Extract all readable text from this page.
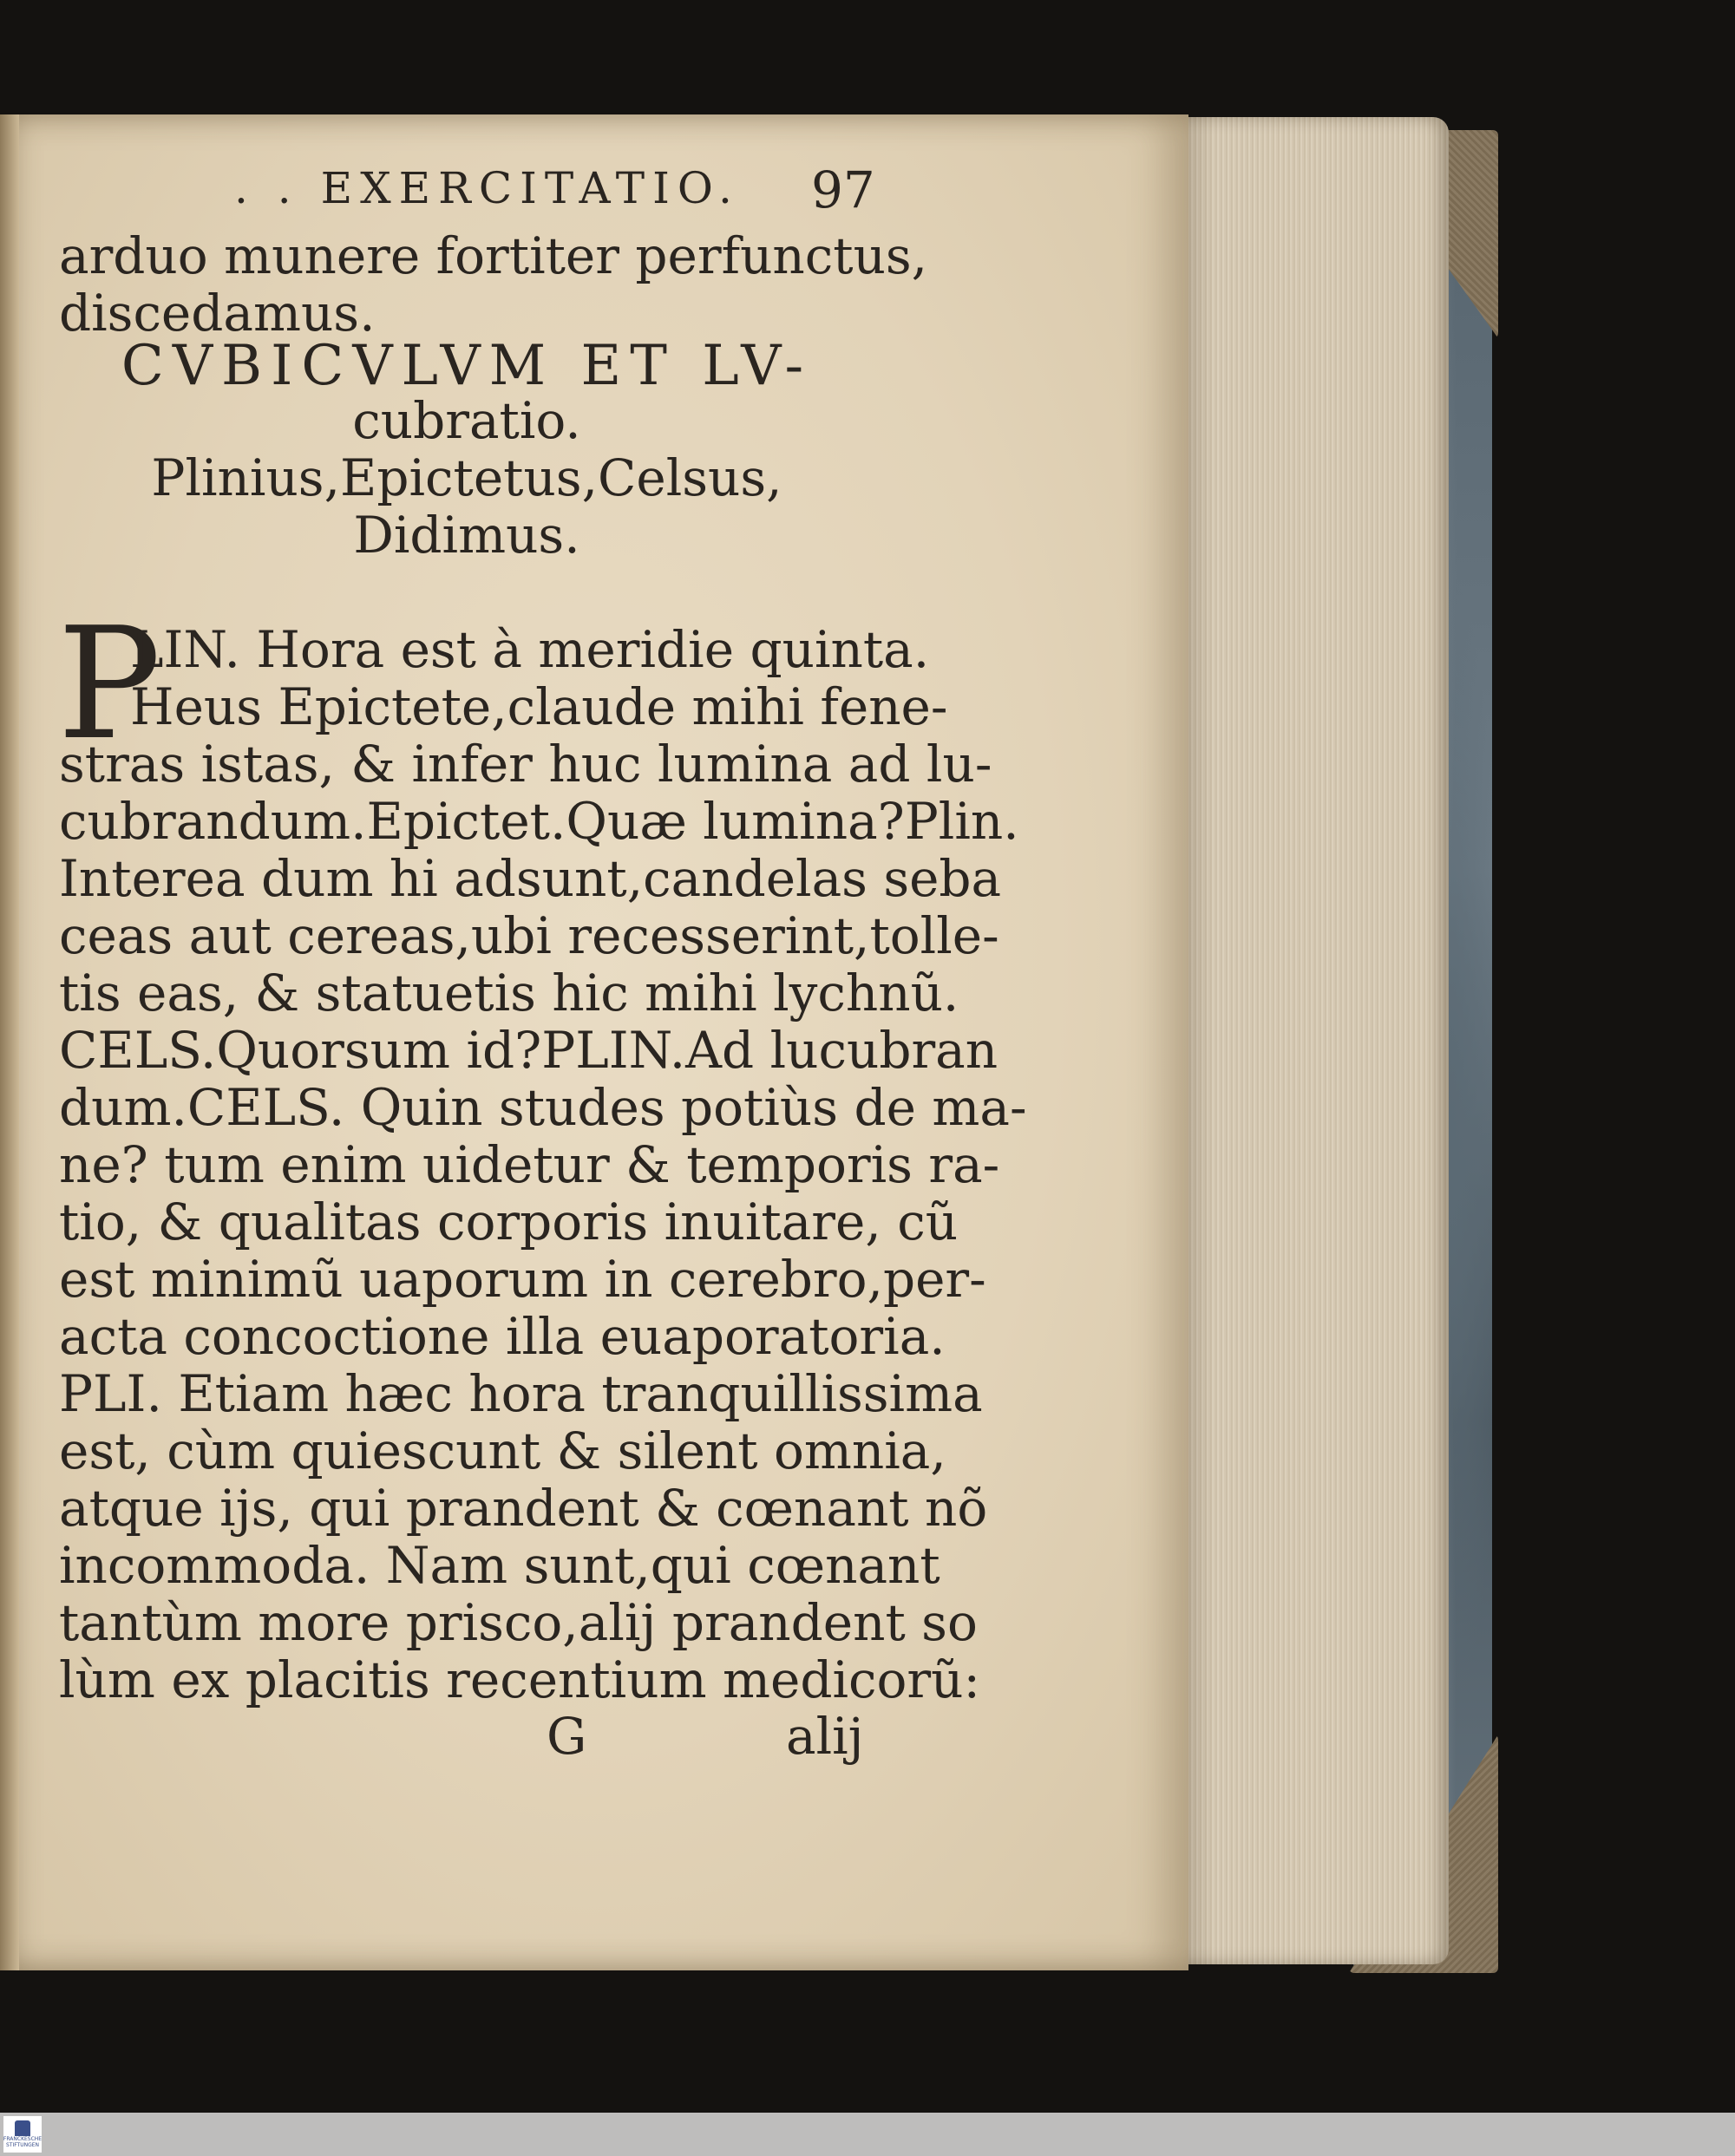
. . EXERCITATIO. 97
arduo munere fortiter perfunctus,
discedamus.
CVBICVLVM ET LV-
cubratio.
Plinius,Epictetus,Celsus,
Didimus.
P
LIN. Hora est à meridie quinta.
Heus Epictete,claude mihi fene-
stras istas, & infer huc lumina ad lu-
cubrandum.Epictet.Quæ lumina?Plin.
Interea dum hi adsunt,candelas seba
ceas aut cereas,ubi recesserint,tolle-
tis eas, & statuetis hic mihi lychnũ.
CELS.Quorsum id?PLIN.Ad lucubran
dum.CELS. Quin studes potiùs de ma-
ne? tum enim uidetur & temporis ra-
tio, & qualitas corporis inuitare, cũ
est minimũ uaporum in cerebro,per-
acta concoctione illa euaporatoria.
PLI. Etiam hæc hora tranquillissima
est, cùm quiescunt & silent omnia,
atque ijs, qui prandent & cœnant nõ
incommoda. Nam sunt,qui cœnant
tantùm more prisco,alij prandent so
lùm ex placitis recentium medicorũ:
G	alij
FRANCKESCHE STIFTUNGEN
